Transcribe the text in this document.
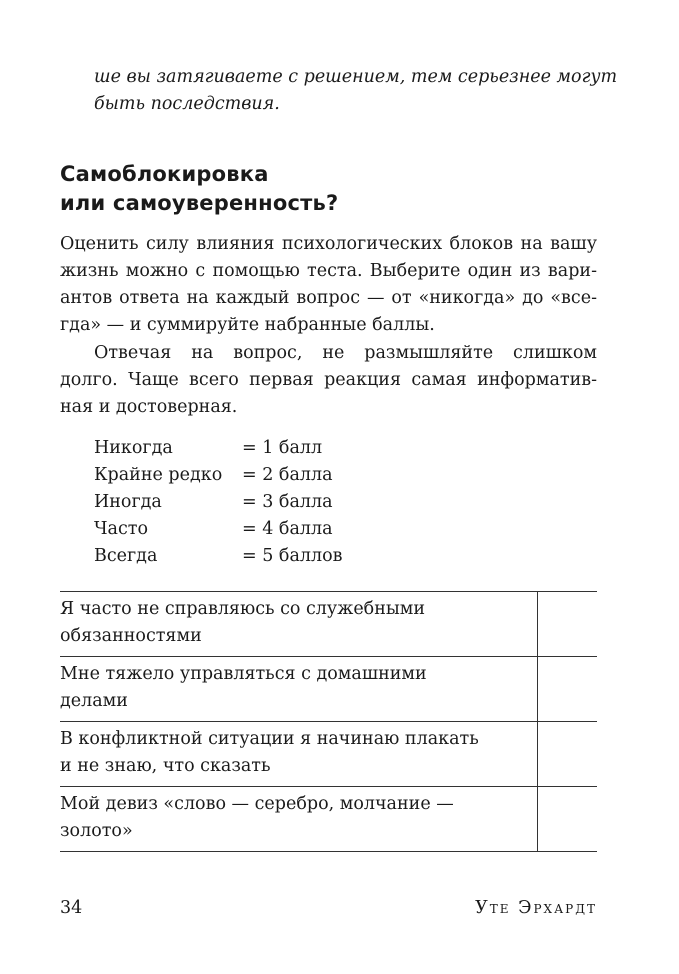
ше вы затягиваете с решением, тем серьезнее могут
быть последствия.
Самоблокировка
или самоуверенность?
Оценить силу влияния психологических блоков на вашу
жизнь можно с помощью теста. Выберите один из вари-
антов ответа на каждый вопрос — от «никогда» до «все-
гда» — и суммируйте набранные баллы.
Отвечая на вопрос, не размышляйте слишком
долго. Чаще всего первая реакция самая информатив-
ная и достоверная.
Никогда	= 1 балл
Крайне редко	= 2 балла
Иногда	= 3 балла
Часто	= 4 балла
Всегда	= 5 баллов
Я часто не справляюсь со служебными
обязанностями	

Мне тяжело управляться с домашними
делами	

В конфликтной ситуации я начинаю плакать
и не знаю, что сказать	

Мой девиз «слово — серебро, молчание —
золото»	

34	Уте Эрхардт
